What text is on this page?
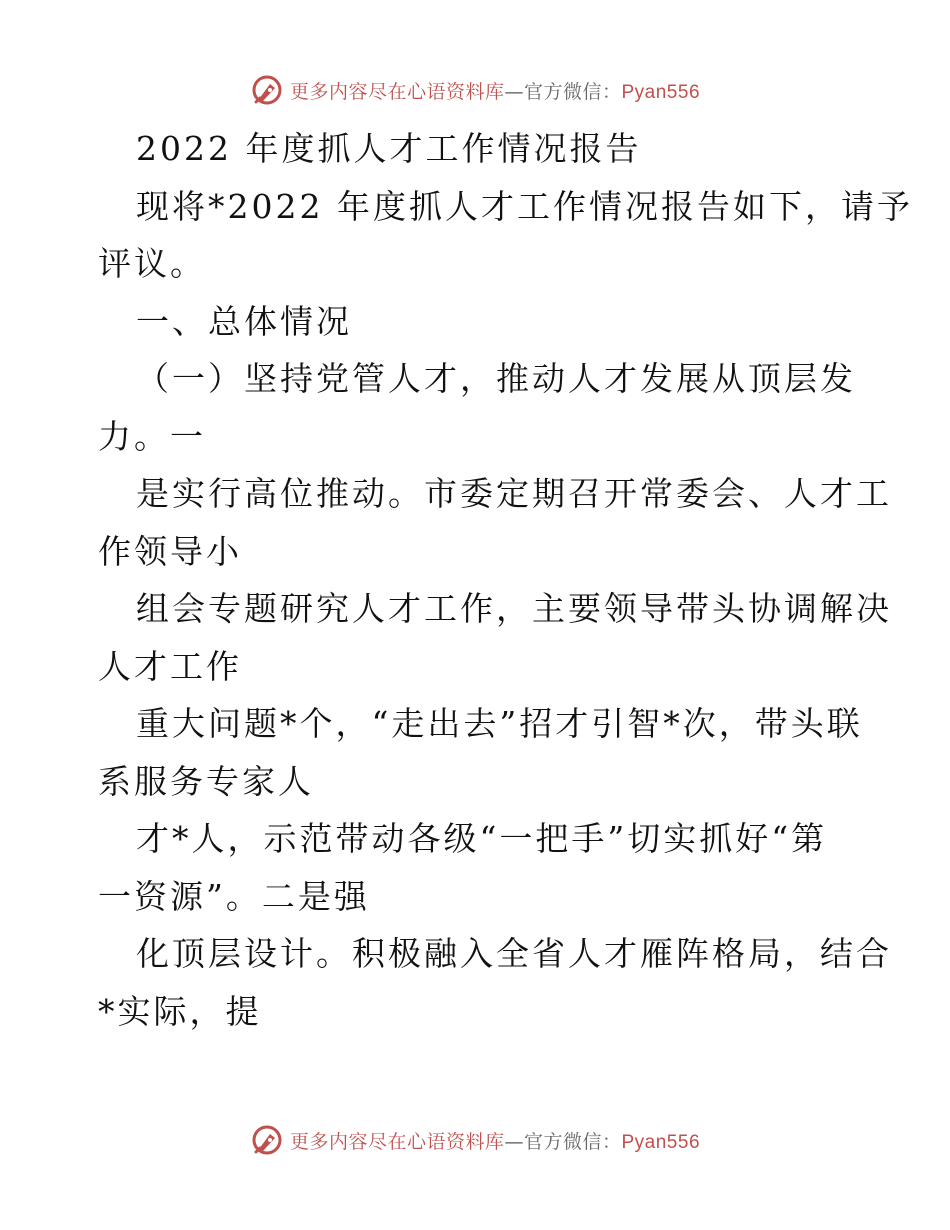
更多内容尽在心语资料库—官方微信：Pyan556
2022 年度抓人才工作情况报告
现将*2022 年度抓人才工作情况报告如下，请予
评议。
一、总体情况
（一）坚持党管人才，推动人才发展从顶层发
力。一
是实行高位推动。市委定期召开常委会、人才工
作领导小
组会专题研究人才工作，主要领导带头协调解决
人才工作
重大问题*个，“走出去”招才引智*次，带头联
系服务专家人
才*人，示范带动各级“一把手”切实抓好“第
一资源”。二是强
化顶层设计。积极融入全省人才雁阵格局，结合
*实际，提
更多内容尽在心语资料库—官方微信：Pyan556
